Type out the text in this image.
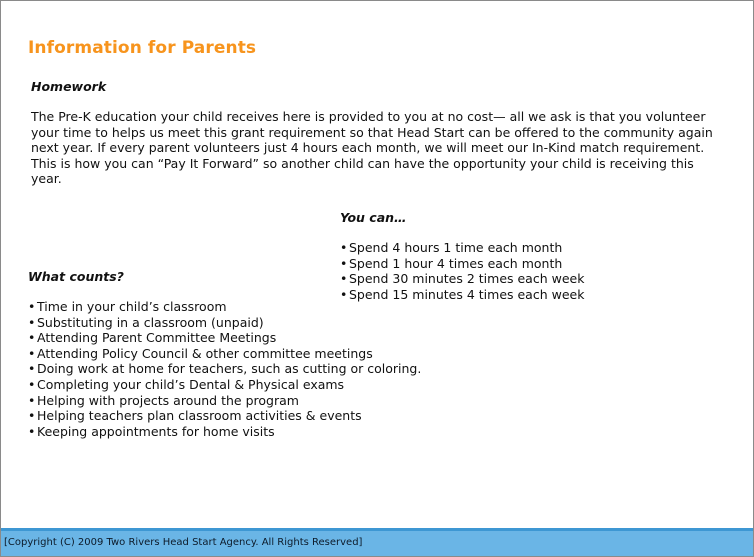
Information for Parents
Homework
The Pre-K education your child receives here is provided to you at no cost— all we ask is that you volunteer your time to helps us meet this grant requirement so that Head Start can be offered to the community again next year. If every parent volunteers just 4 hours each month, we will meet our In-Kind match requirement. This is how you can “Pay It Forward” so another child can have the opportunity your child is receiving this year.
You can…
• Spend 4 hours 1 time each month
• Spend 1 hour 4 times each month
• Spend 30 minutes 2 times each week
• Spend 15 minutes 4 times each week
What counts?
• Time in your child’s classroom
• Substituting in a classroom (unpaid)
• Attending Parent Committee Meetings
• Attending Policy Council & other committee meetings
• Doing work at home for teachers, such as cutting or coloring.
• Completing your child’s Dental & Physical exams
• Helping with projects around the program
• Helping teachers plan classroom activities & events
• Keeping appointments for home visits
[Copyright (C) 2009 Two Rivers Head Start Agency. All Rights Reserved]
